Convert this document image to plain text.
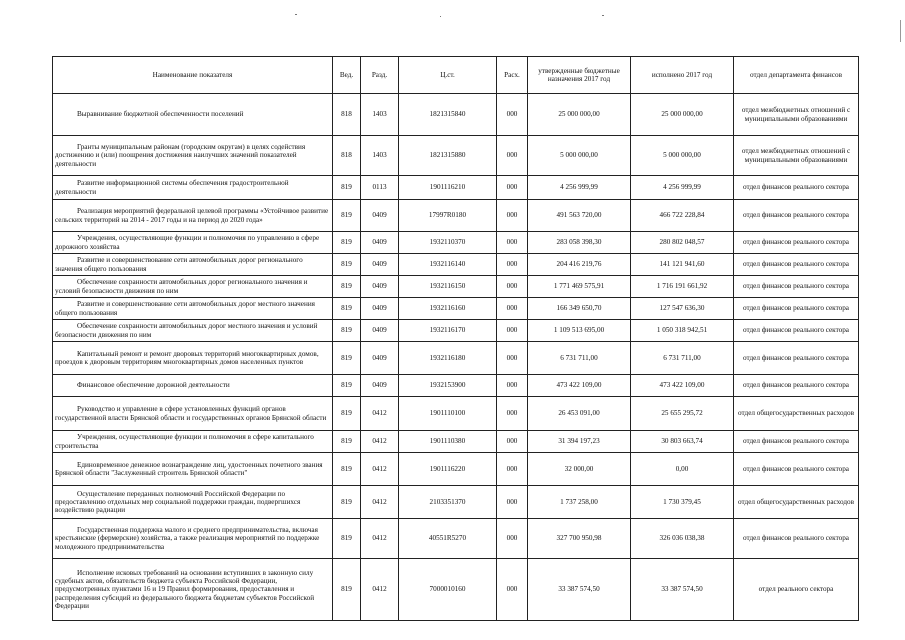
Наименование показателя	Вед.	Разд.	Ц.ст.	Расх.	утвержденные бюджетные назначения 2017 год	исполнено 2017 год	отдел департамента финансов
Выравнивание бюджетной обеспеченности поселений	818	1403	1821315840	000	25 000 000,00	25 000 000,00	отдел межбюджетных отношений с муниципальными образованиями
Гранты муниципальным районам (городским округам) в целях содействия достижению и (или) поощрения достижения наилучших значений показателей деятельности	818	1403	1821315880	000	5 000 000,00	5 000 000,00	отдел межбюджетных отношений с муниципальными образованиями
Развитие информационной системы обеспечения градостроительной деятельности	819	0113	1901116210	000	4 256 999,99	4 256 999,99	отдел финансов реального сектора
Реализация мероприятий федеральной целевой программы «Устойчивое развитие сельских территорий на 2014 - 2017 годы и на период до 2020 года»	819	0409	17997R0180	000	491 563 720,00	466 722 228,84	отдел финансов реального сектора
Учреждения, осуществляющие функции и полномочия по управлению в сфере дорожного хозяйства	819	0409	1932110370	000	283 058 398,30	280 802 048,57	отдел финансов реального сектора
Развитие и совершенствование сети автомобильных дорог регионального значения общего пользования	819	0409	1932116140	000	204 416 219,76	141 121 941,60	отдел финансов реального сектора
Обеспечение сохранности автомобильных дорог регионального значения и условий безопасности движения по ним	819	0409	1932116150	000	1 771 469 575,91	1 716 191 661,92	отдел финансов реального сектора
Развитие и совершенствование сети автомобильных дорог местного значения общего пользования	819	0409	1932116160	000	166 349 650,70	127 547 636,30	отдел финансов реального сектора
Обеспечение сохранности автомобильных дорог местного значения и условий безопасности движения по ним	819	0409	1932116170	000	1 109 513 695,00	1 050 318 942,51	отдел финансов реального сектора
Капитальный ремонт и ремонт дворовых территорий многоквартирных домов, проездов к дворовым территориям многоквартирных домов населенных пунктов	819	0409	1932116180	000	6 731 711,00	6 731 711,00	отдел финансов реального сектора
Финансовое обеспечение дорожной деятельности	819	0409	1932153900	000	473 422 109,00	473 422 109,00	отдел финансов реального сектора
Руководство и управление в сфере установленных функций органов государственной власти Брянской области и государственных органов Брянской области	819	0412	1901110100	000	26 453 091,00	25 655 295,72	отдел общегосударственных расходов
Учреждения, осуществляющие функции и полномочия в сфере капитального строительства	819	0412	1901110380	000	31 394 197,23	30 803 663,74	отдел финансов реального сектора
Единовременное денежное вознаграждение лиц, удостоенных почетного звания Брянской области "Заслуженный строитель Брянской области"	819	0412	1901116220	000	32 000,00	0,00	отдел финансов реального сектора
Осуществление переданных полномочий Российской Федерации по предоставлению отдельных мер социальной поддержки граждан, подвергшихся воздействию радиации	819	0412	2103351370	000	1 737 258,00	1 730 379,45	отдел общегосударственных расходов
Государственная поддержка малого и среднего предпринимательства, включая крестьянские (фермерские) хозяйства, а также реализация мероприятий по поддержке молодежного предпринимательства	819	0412	40551R5270	000	327 700 950,98	326 036 038,38	отдел финансов реального сектора
Исполнение исковых требований на основании вступивших в законную силу судебных актов, обязательств бюджета субъекта Российской Федерации, предусмотренных пунктами 16 и 19 Правил формирования, предоставления и распределения субсидий из федерального бюджета бюджетам субъектов Российской Федерации	819	0412	7000010160	000	33 387 574,50	33 387 574,50	отдел реального сектора
